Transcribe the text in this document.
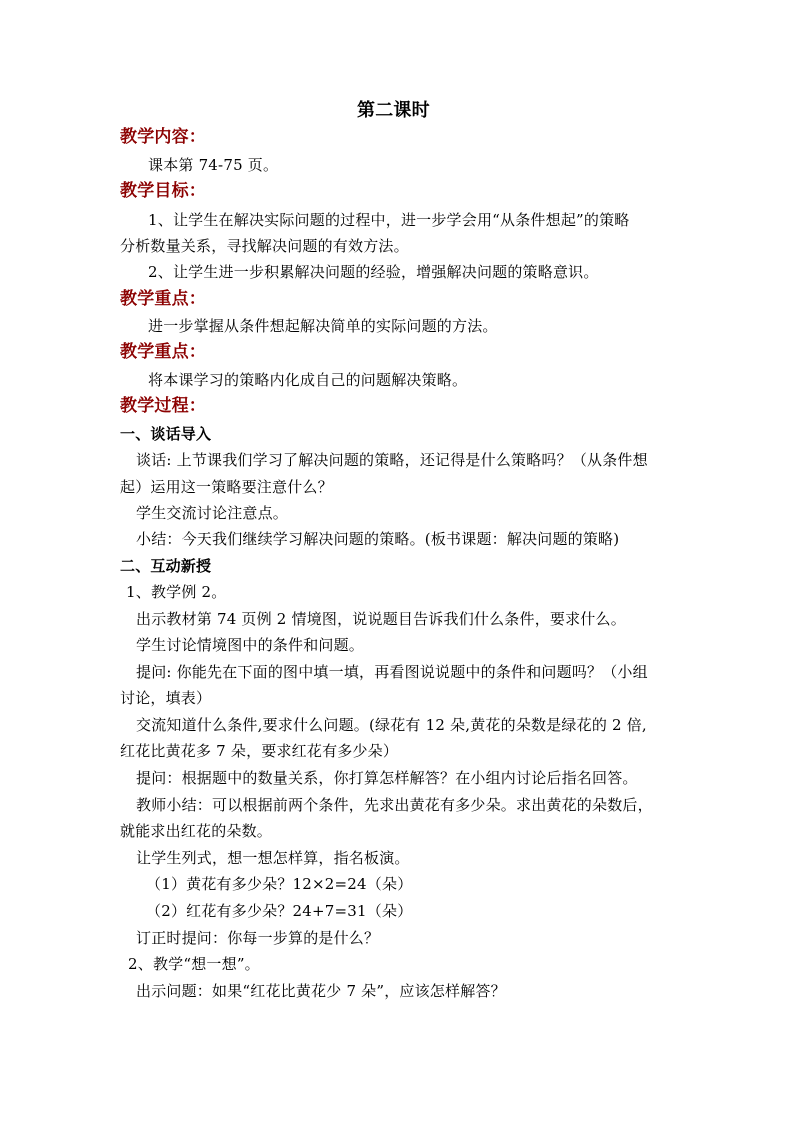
第二课时
教学内容：
课本第 74-75 页。
教学目标：
1、让学生在解决实际问题的过程中，进一步学会用“从条件想起”的策略
分析数量关系，寻找解决问题的有效方法。
2、让学生进一步积累解决问题的经验，增强解决问题的策略意识。
教学重点：
进一步掌握从条件想起解决简单的实际问题的方法。
教学重点：
将本课学习的策略内化成自己的问题解决策略。
教学过程：
一、谈话导入
谈话: 上节课我们学习了解决问题的策略，还记得是什么策略吗？（从条件想
起）运用这一策略要注意什么？
学生交流讨论注意点。
小结：今天我们继续学习解决问题的策略。(板书课题：解决问题的策略)
二、互动新授
1、教学例 2。
出示教材第 74 页例 2 情境图，说说题目告诉我们什么条件，要求什么。
学生讨论情境图中的条件和问题。
提问: 你能先在下面的图中填一填，再看图说说题中的条件和问题吗？（小组
讨论，填表）
交流知道什么条件,要求什么问题。(绿花有 12 朵,黄花的朵数是绿花的 2 倍,
红花比黄花多 7 朵，要求红花有多少朵）
提问：根据题中的数量关系，你打算怎样解答？在小组内讨论后指名回答。
教师小结：可以根据前两个条件，先求出黄花有多少朵。求出黄花的朵数后，
就能求出红花的朵数。
让学生列式，想一想怎样算，指名板演。
（1）黄花有多少朵？12×2=24（朵）
（2）红花有多少朵？24+7=31（朵）
订正时提问：你每一步算的是什么？
2、教学“想一想”。
出示问题：如果“红花比黄花少 7 朵”，应该怎样解答？
